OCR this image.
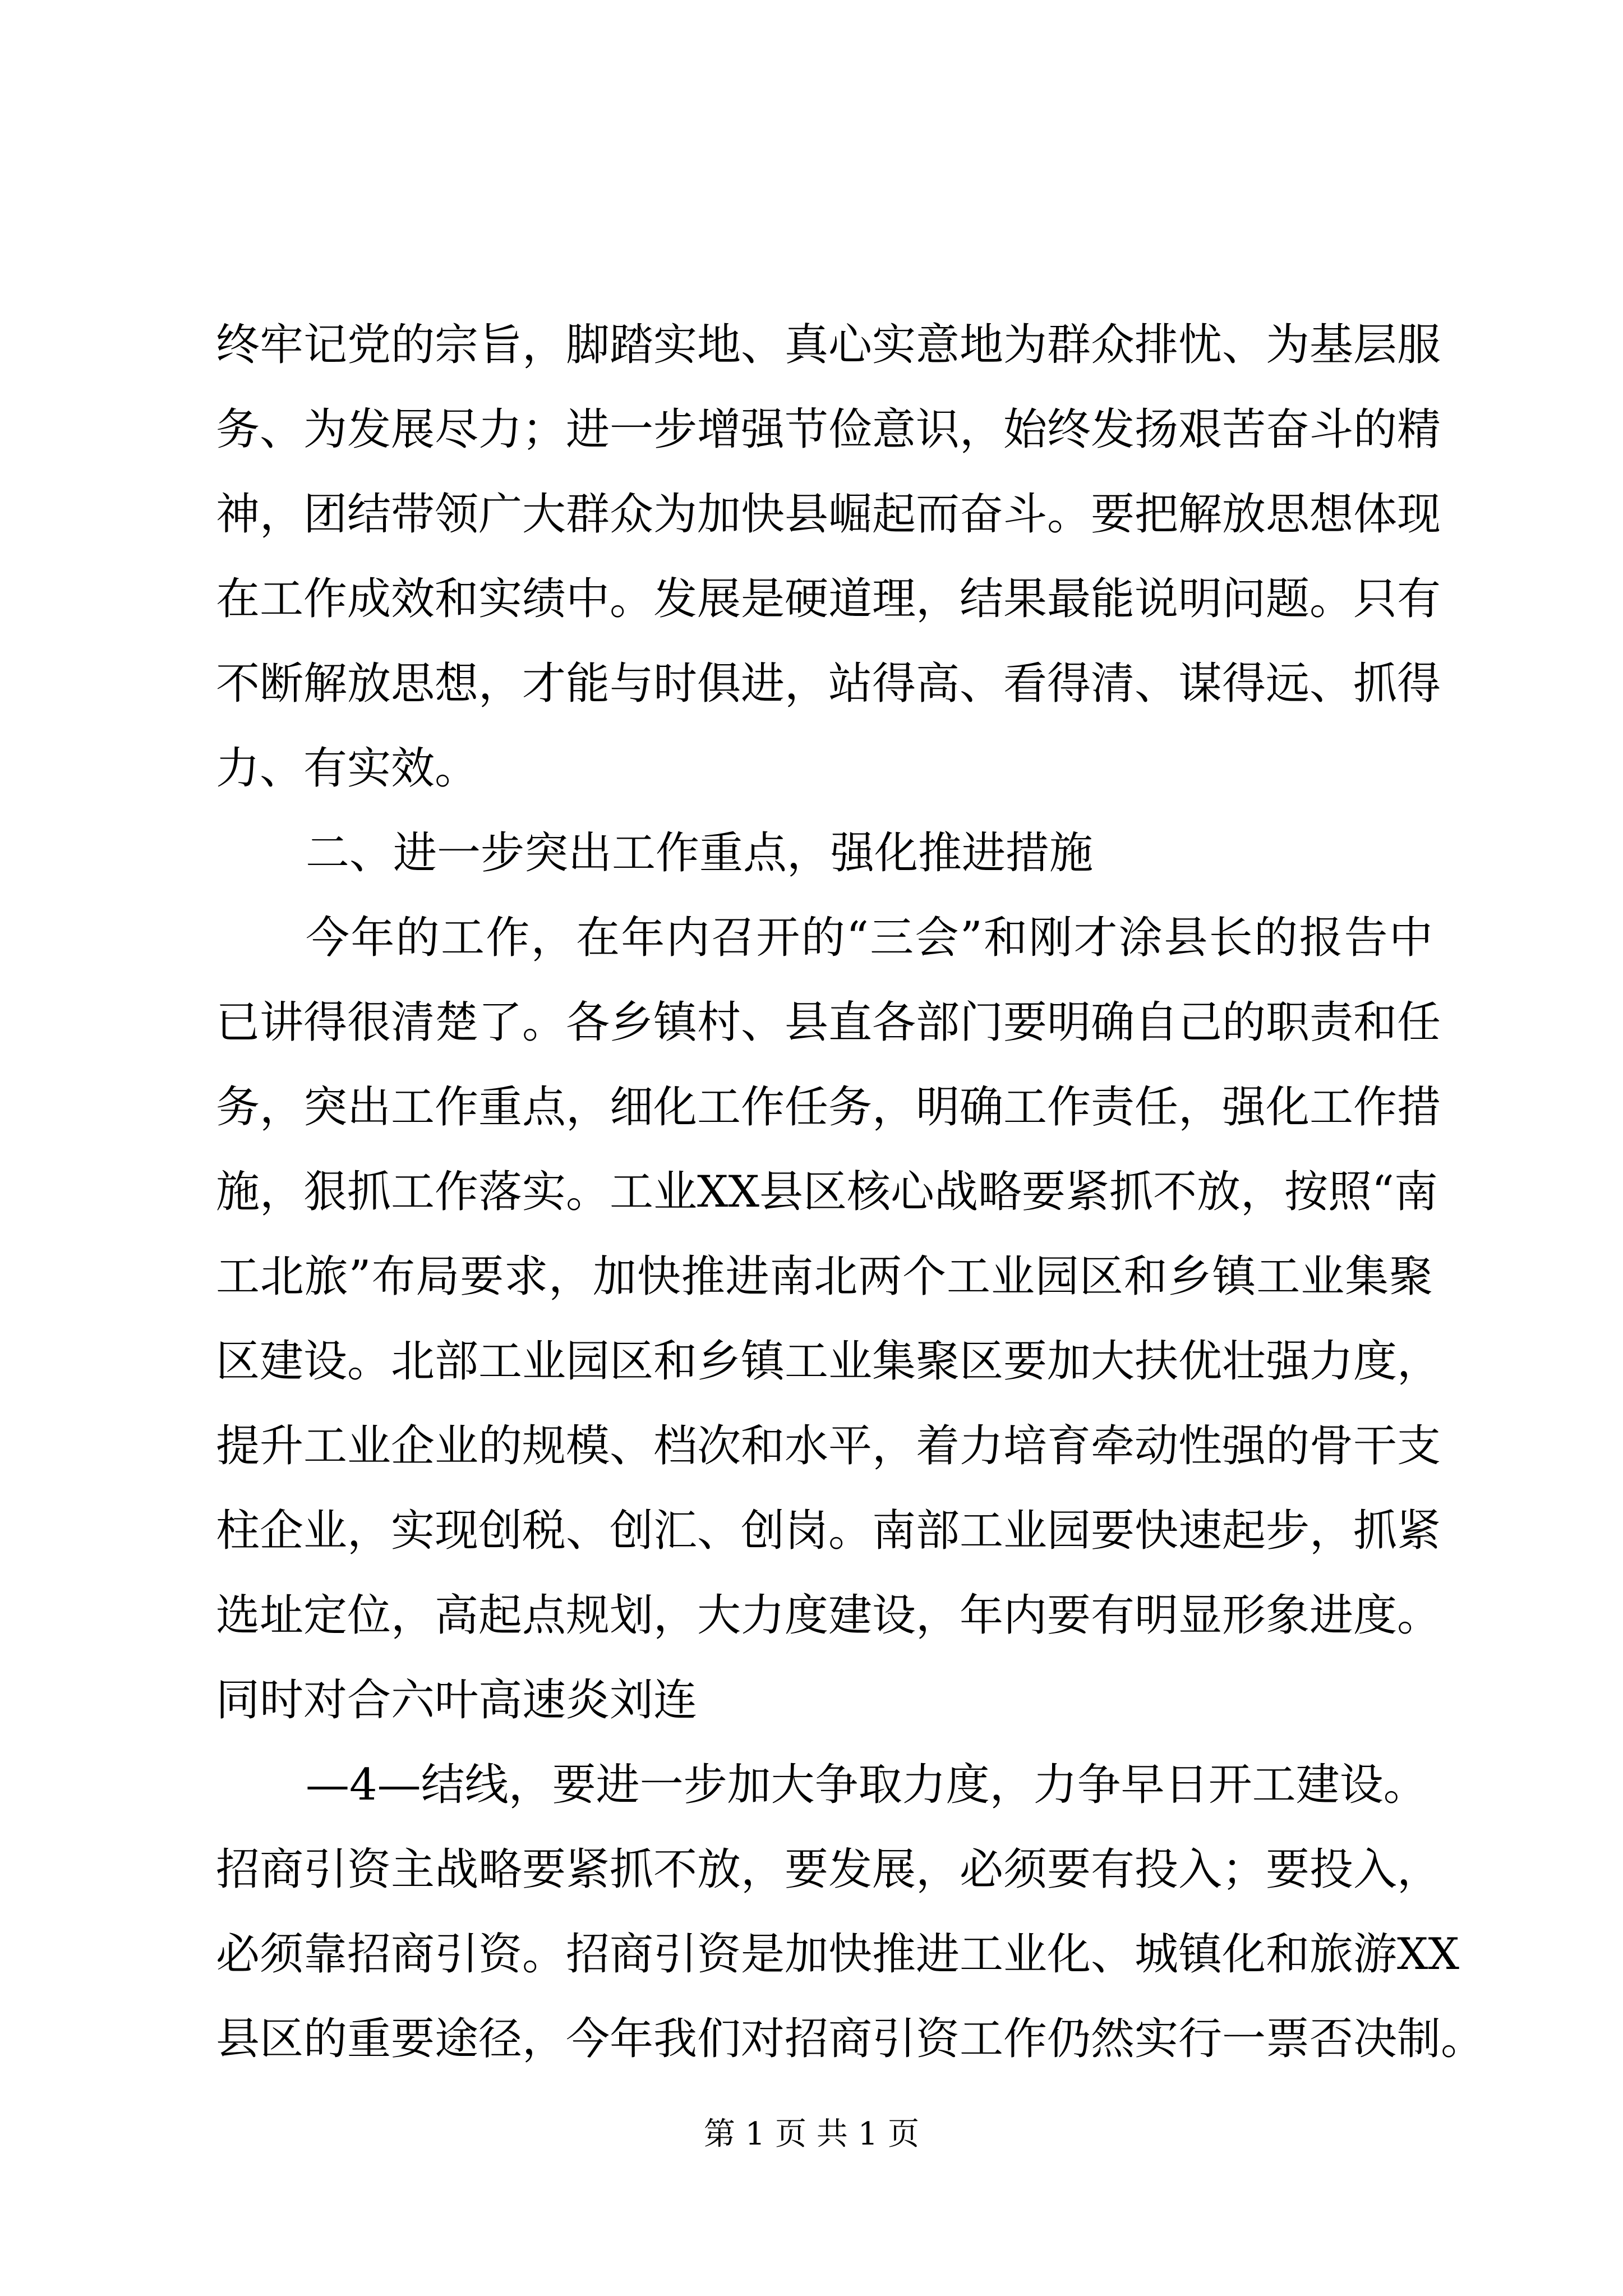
终牢记党的宗旨，脚踏实地、真心实意地为群众排忧、为基层服
务、为发展尽力；进一步增强节俭意识，始终发扬艰苦奋斗的精
神，团结带领广大群众为加快县崛起而奋斗。要把解放思想体现
在工作成效和实绩中。发展是硬道理，结果最能说明问题。只有
不断解放思想，才能与时俱进，站得高、看得清、谋得远、抓得
力、有实效。
二、进一步突出工作重点，强化推进措施
今年的工作，在年内召开的“三会”和刚才涂县长的报告中
已讲得很清楚了。各乡镇村、县直各部门要明确自己的职责和任
务，突出工作重点，细化工作任务，明确工作责任，强化工作措
施，狠抓工作落实。工业XX县区核心战略要紧抓不放，按照“南
工北旅”布局要求，加快推进南北两个工业园区和乡镇工业集聚
区建设。北部工业园区和乡镇工业集聚区要加大扶优壮强力度，
提升工业企业的规模、档次和水平，着力培育牵动性强的骨干支
柱企业，实现创税、创汇、创岗。南部工业园要快速起步，抓紧
选址定位，高起点规划，大力度建设，年内要有明显形象进度。
同时对合六叶高速炎刘连
—4—结线，要进一步加大争取力度，力争早日开工建设。
招商引资主战略要紧抓不放，要发展，必须要有投入；要投入，
必须靠招商引资。招商引资是加快推进工业化、城镇化和旅游XX
县区的重要途径，今年我们对招商引资工作仍然实行一票否决制。
第 1 页 共 1 页
